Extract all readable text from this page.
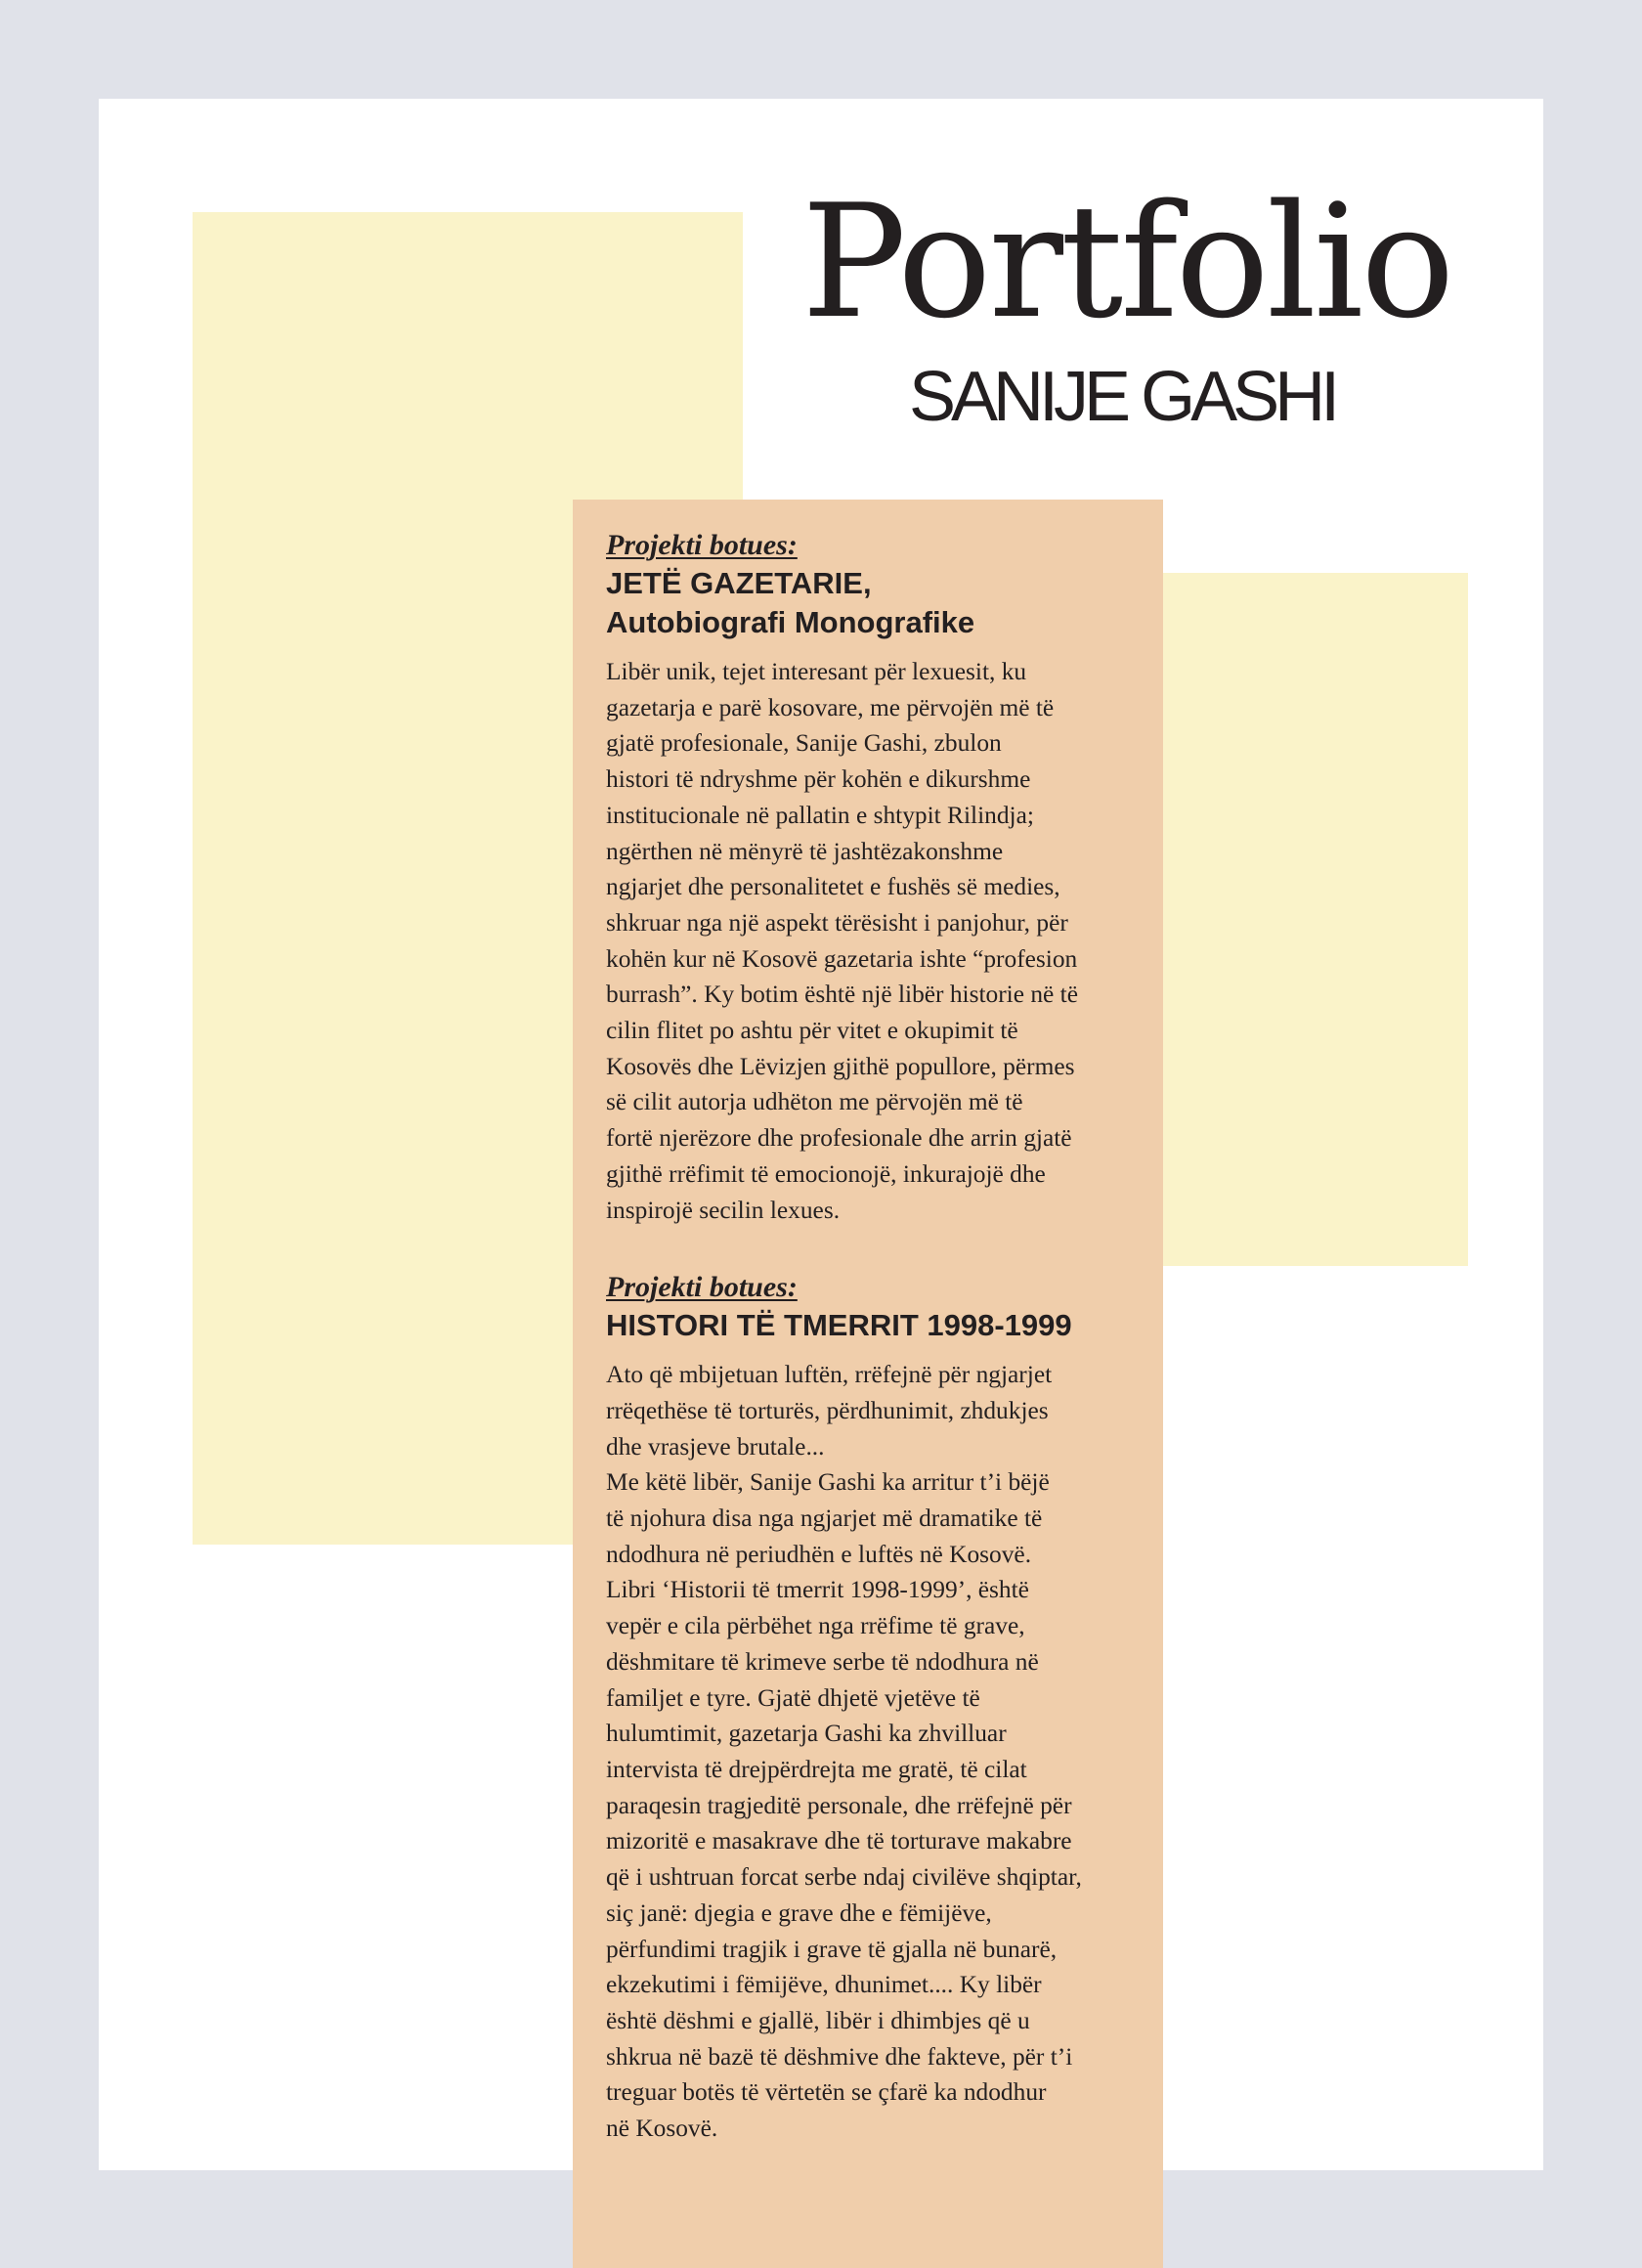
Portfolio
SANIJE GASHI

Projekti botues:

JETË GAZETARIE,
Autobiografi Monografike

Libër unik, tejet interesant për lexuesit, ku
gazetarja e parë kosovare, me përvojën më të
gjatë profesionale, Sanije Gashi, zbulon
histori të ndryshme për kohën e dikurshme
institucionale në pallatin e shtypit Rilindja;
ngërthen në mënyrë të jashtëzakonshme
ngjarjet dhe personalitetet e fushës së medies,
shkruar nga një aspekt tërësisht i panjohur, për
kohën kur në Kosovë gazetaria ishte “profesion
burrash”. Ky botim është një libër historie në të
cilin flitet po ashtu për vitet e okupimit të
Kosovës dhe Lëvizjen gjithë popullore, përmes
së cilit autorja udhëton me përvojën më të
fortë njerëzore dhe profesionale dhe arrin gjatë
gjithë rrëfimit të emocionojë, inkurajojë dhe
inspirojë secilin lexues.

Projekti botues:

HISTORI TË TMERRIT 1998-1999

Ato që mbijetuan luftën, rrëfejnë për ngjarjet
rrëqethëse të torturës, përdhunimit, zhdukjes
dhe vrasjeve brutale...
Me këtë libër, Sanije Gashi ka arritur t’i bëjë
të njohura disa nga ngjarjet më dramatike të
ndodhura në periudhën e luftës në Kosovë.
Libri ‘Historii të tmerrit 1998-1999’, është
vepër e cila përbëhet nga rrëfime të grave,
dëshmitare të krimeve serbe të ndodhura në
familjet e tyre. Gjatë dhjetë vjetëve të
hulumtimit, gazetarja Gashi ka zhvilluar
intervista të drejpërdrejta me gratë, të cilat
paraqesin tragjeditë personale, dhe rrëfejnë për
mizoritë e masakrave dhe të torturave makabre
që i ushtruan forcat serbe ndaj civilëve shqiptar,
siç janë: djegia e grave dhe e fëmijëve,
përfundimi tragjik i grave të gjalla në bunarë,
ekzekutimi i fëmijëve, dhunimet.... Ky libër
është dëshmi e gjallë, libër i dhimbjes që u
shkrua në bazë të dëshmive dhe fakteve, për t’i
treguar botës të vërtetën se çfarë ka ndodhur
në Kosovë.
